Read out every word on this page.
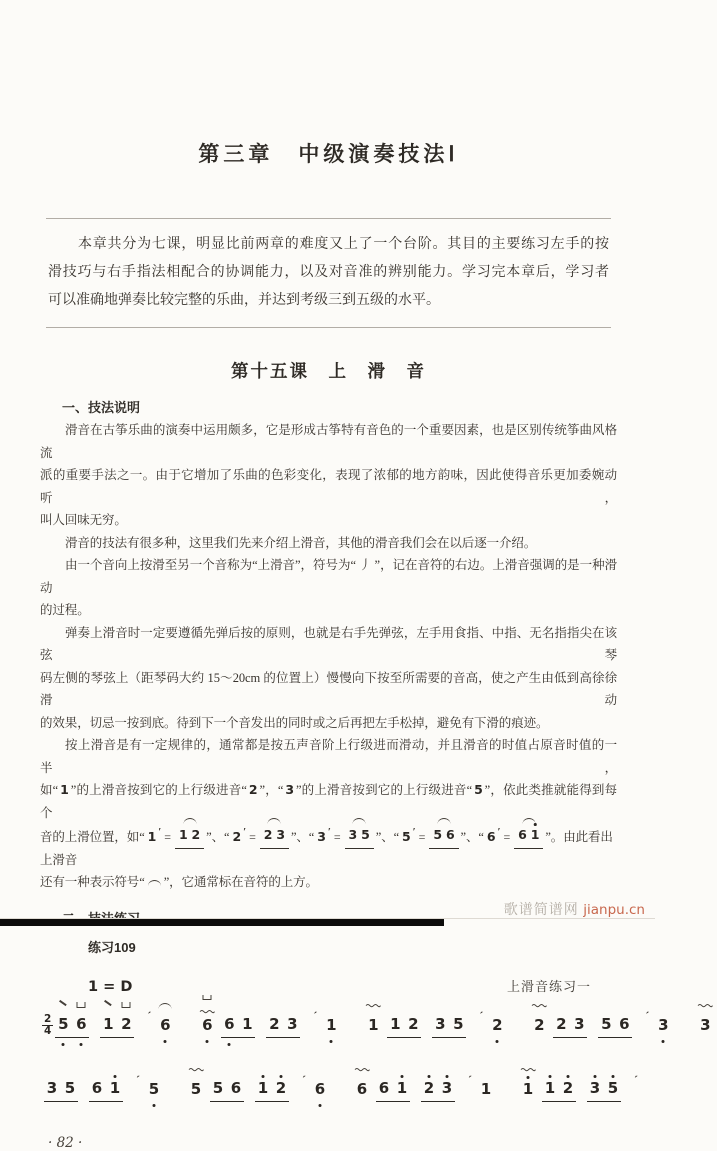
第三章　中级演奏技法Ⅰ
本章共分为七课，明显比前两章的难度又上了一个台阶。其目的主要练习左手的按
滑技巧与右手指法相配合的协调能力，以及对音准的辨别能力。学习完本章后，学习者
可以准确地弹奏比较完整的乐曲，并达到考级三到五级的水平。
第十五课　上　滑　音
一、技法说明
滑音在古筝乐曲的演奏中运用颇多，它是形成古筝特有音色的一个重要因素，也是区别传统筝曲风格流
派的重要手法之一。由于它增加了乐曲的色彩变化，表现了浓郁的地方韵味，因此使得音乐更加委婉动听，
叫人回味无穷。
滑音的技法有很多种，这里我们先来介绍上滑音，其他的滑音我们会在以后逐一介绍。
由一个音向上按滑至另一个音称为“上滑音”，符号为“ 丿 ”，记在音符的右边。上滑音强调的是一种滑动
的过程。
弹奏上滑音时一定要遵循先弹后按的原则，也就是右手先弹弦，左手用食指、中指、无名指指尖在该弦琴
码左侧的琴弦上（距琴码大约 15～20cm 的位置上）慢慢向下按至所需要的音高，使之产生由低到高徐徐滑动
的效果，切忌一按到底。待到下一个音发出的同时或之后再把左手松掉，避免有下滑的痕迹。
按上滑音是有一定规律的，通常都是按五声音阶上行级进而滑动，并且滑音的时值占原音时值的一半，
如“ 1 ”的上滑音按到它的上行级进音“ 2 ”，“ 3 ”的上滑音按到它的上行级进音“ 5 ”，依此类推就能得到每个
音的上滑位置，如“ 1 ′ = 1 2 ”、“ 2 ′ = 2 3 ”、“ 3 ′ = 3 5 ”、“ 5 ′ = 5 6 ”、“ 6 ′ = 6 1 ”。由此看出上滑音
还有一种表示符号“  ”，它通常标在音符的上方。
练习109
1 = D	上滑音练习一
$\frac{2}{4} 5$ 6 1 2 ˊ 6 6 6 1 2 3 ˊ 1 1 1 2 3 5 ˊ 2 2 2 3 5 6 ˊ 3 3
3 5 6 1 ˊ 5 5 5 6 1 2 ˊ 6 6 6 1 2 3 ˊ 1 1 1 2 3 5 ˊ
· 82 ·
歌谱简谱网 jianpu.cn
